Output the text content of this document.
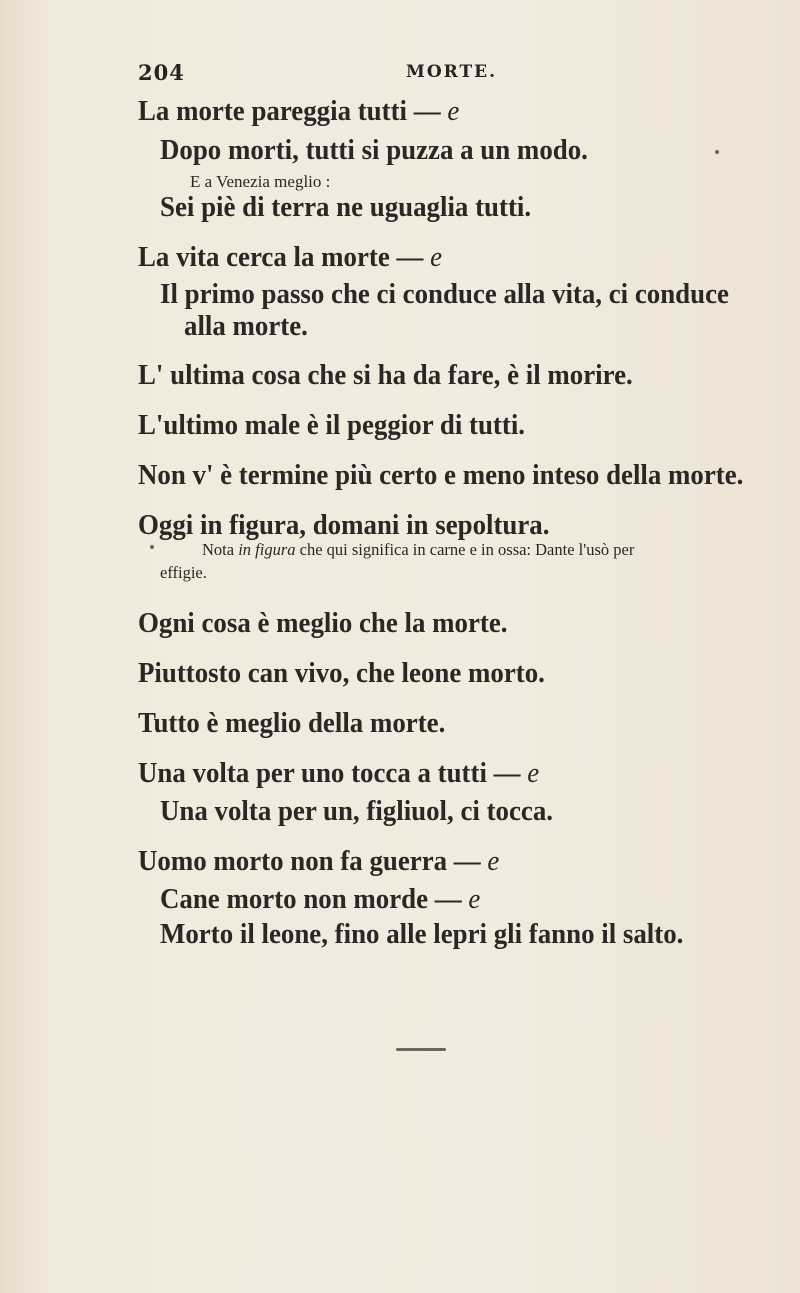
204	MORTE.
La morte pareggia tutti — e
Dopo morti, tutti si puzza a un modo.
E a Venezia meglio :
Sei piè di terra ne uguaglia tutti.
La vita cerca la morte — e
Il primo passo che ci conduce alla vita, ci conduce
alla morte.
L' ultima cosa che si ha da fare, è il morire.
L'ultimo male è il peggior di tutti.
Non v' è termine più certo e meno inteso della morte.
Oggi in figura, domani in sepoltura.
Nota in figura che qui significa in carne e in ossa: Dante l'usò per
effigie.
Ogni cosa è meglio che la morte.
Piuttosto can vivo, che leone morto.
Tutto è meglio della morte.
Una volta per uno tocca a tutti — e
Una volta per un, figliuol, ci tocca.
Uomo morto non fa guerra — e
Cane morto non morde — e
Morto il leone, fino alle lepri gli fanno il salto.
